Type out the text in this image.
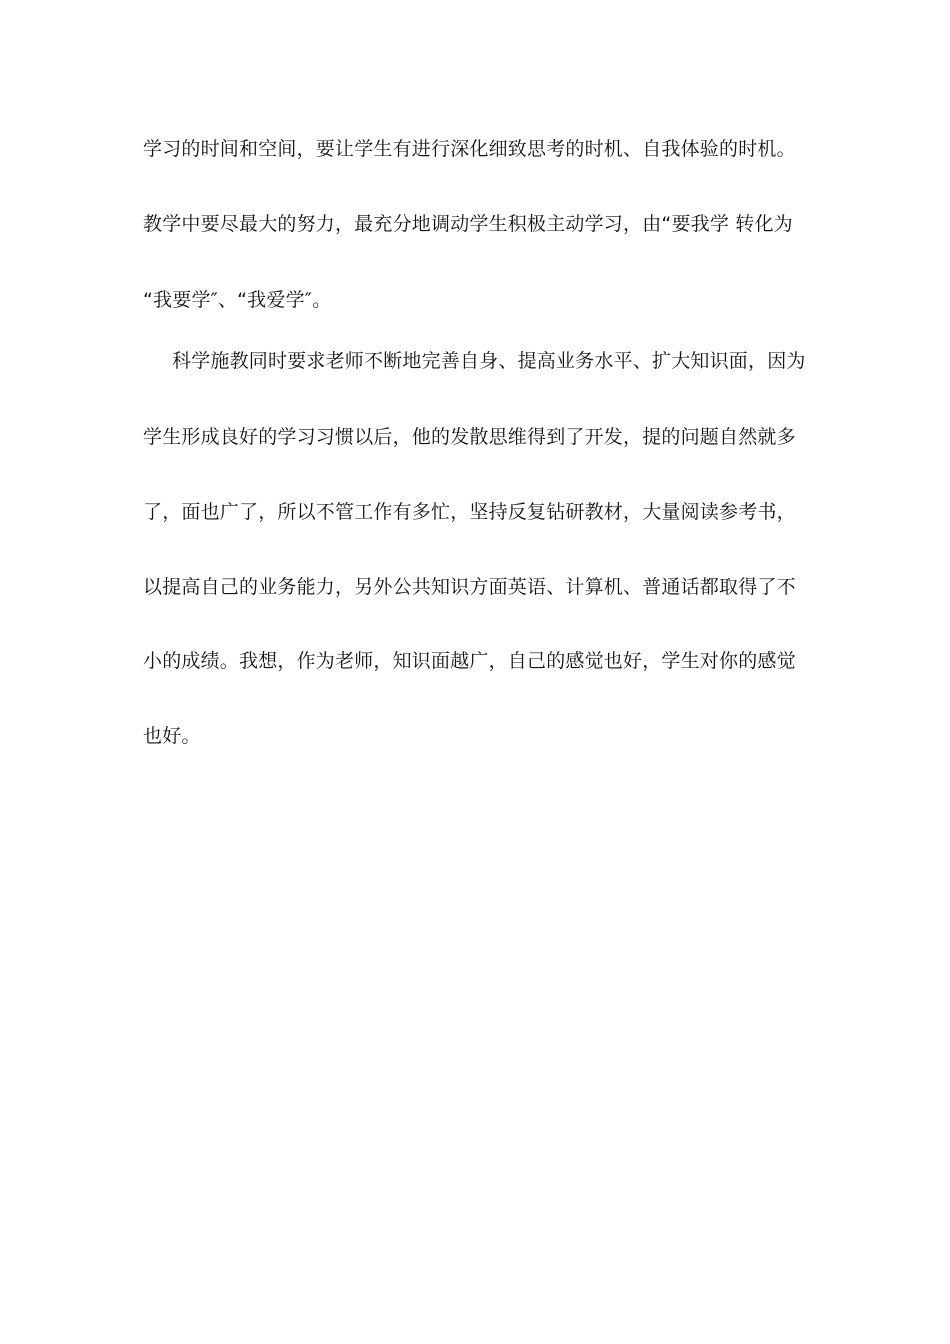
学习的时间和空间，要让学生有进行深化细致思考的时机、自我体验的时机。
教学中要尽最大的努力，最充分地调动学生积极主动学习，由“要我学 转化为
“我要学″、“我爱学″。
科学施教同时要求老师不断地完善自身、提高业务水平、扩大知识面，因为
学生形成良好的学习习惯以后，他的发散思维得到了开发，提的问题自然就多
了，面也广了，所以不管工作有多忙，坚持反复钻研教材，大量阅读参考书，
以提高自己的业务能力，另外公共知识方面英语、计算机、普通话都取得了不
小的成绩。我想，作为老师，知识面越广，自己的感觉也好，学生对你的感觉
也好。
